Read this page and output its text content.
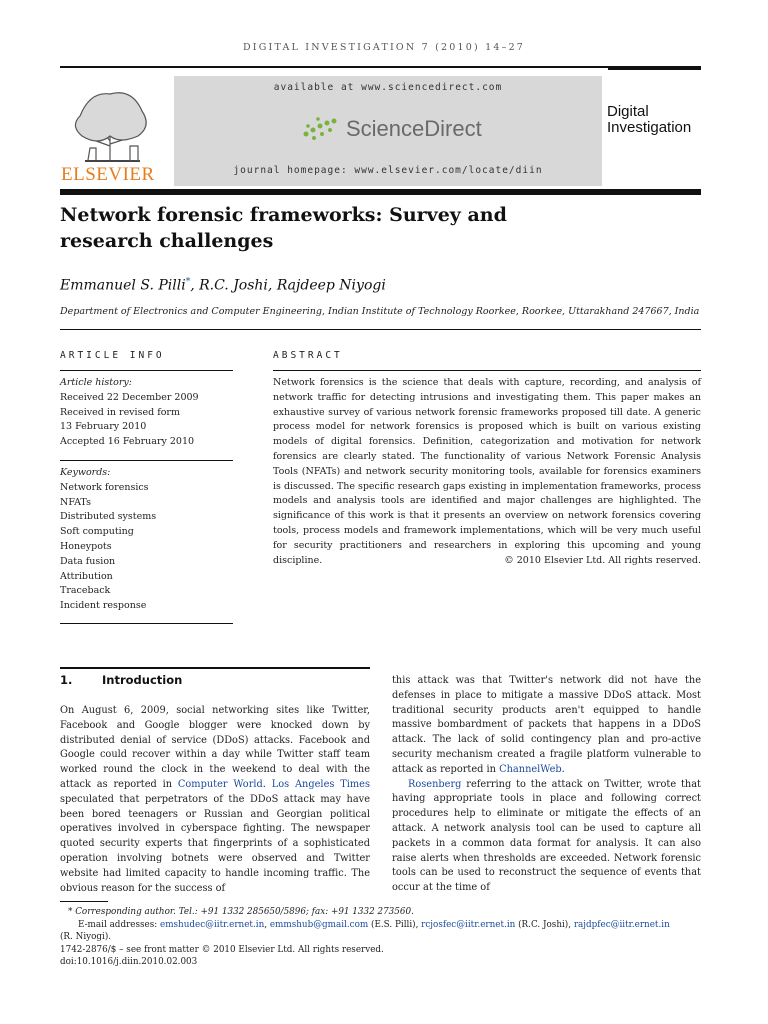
DIGITAL INVESTIGATION 7 (2010) 14–27
ELSEVIER
available at www.sciencedirect.com
ScienceDirect
journal homepage: www.elsevier.com/locate/diin
Digital
Investigation
Network forensic frameworks: Survey and
research challenges
Emmanuel S. Pilli*, R.C. Joshi, Rajdeep Niyogi
Department of Electronics and Computer Engineering, Indian Institute of Technology Roorkee, Roorkee, Uttarakhand 247667, India
ARTICLE INFO
Article history:
Received 22 December 2009
Received in revised form
13 February 2010
Accepted 16 February 2010
Keywords:
Network forensics
NFATs
Distributed systems
Soft computing
Honeypots
Data fusion
Attribution
Traceback
Incident response
ABSTRACT
Network forensics is the science that deals with capture, recording, and analysis of network traffic for detecting intrusions and investigating them. This paper makes an exhaustive survey of various network forensic frameworks proposed till date. A generic process model for network forensics is proposed which is built on various existing models of digital forensics. Definition, categorization and motivation for network forensics are clearly stated. The functionality of various Network Forensic Analysis Tools (NFATs) and network security monitoring tools, available for forensics examiners is discussed. The specific research gaps existing in implementation frameworks, process models and analysis tools are identified and major challenges are highlighted. The significance of this work is that it presents an overview on network forensics covering tools, process models and framework implementations, which will be very much useful for security practitioners and researchers in exploring this upcoming and young discipline.	© 2010 Elsevier Ltd. All rights reserved.
1.	Introduction
On August 6, 2009, social networking sites like Twitter, Facebook and Google blogger were knocked down by distributed denial of service (DDoS) attacks. Facebook and Google could recover within a day while Twitter staff team worked round the clock in the weekend to deal with the attack as reported in Computer World. Los Angeles Times speculated that perpetrators of the DDoS attack may have been bored teenagers or Russian and Georgian political operatives involved in cyberspace fighting. The newspaper quoted security experts that fingerprints of a sophisticated operation involving botnets were observed and Twitter website had limited capacity to handle incoming traffic. The obvious reason for the success of
this attack was that Twitter's network did not have the defenses in place to mitigate a massive DDoS attack. Most traditional security products aren't equipped to handle massive bombardment of packets that happens in a DDoS attack. The lack of solid contingency plan and pro-active security mechanism created a fragile platform vulnerable to attack as reported in ChannelWeb.
Rosenberg referring to the attack on Twitter, wrote that having appropriate tools in place and following correct procedures help to eliminate or mitigate the effects of an attack. A network analysis tool can be used to capture all packets in a common data format for analysis. It can also raise alerts when thresholds are exceeded. Network forensic tools can be used to reconstruct the sequence of events that occur at the time of
* Corresponding author. Tel.: +91 1332 285650/5896; fax: +91 1332 273560.
E-mail addresses: emshudec@iitr.ernet.in, emmshub@gmail.com (E.S. Pilli), rcjosfec@iitr.ernet.in (R.C. Joshi), rajdpfec@iitr.ernet.in
(R. Niyogi).
1742-2876/$ – see front matter © 2010 Elsevier Ltd. All rights reserved.
doi:10.1016/j.diin.2010.02.003
